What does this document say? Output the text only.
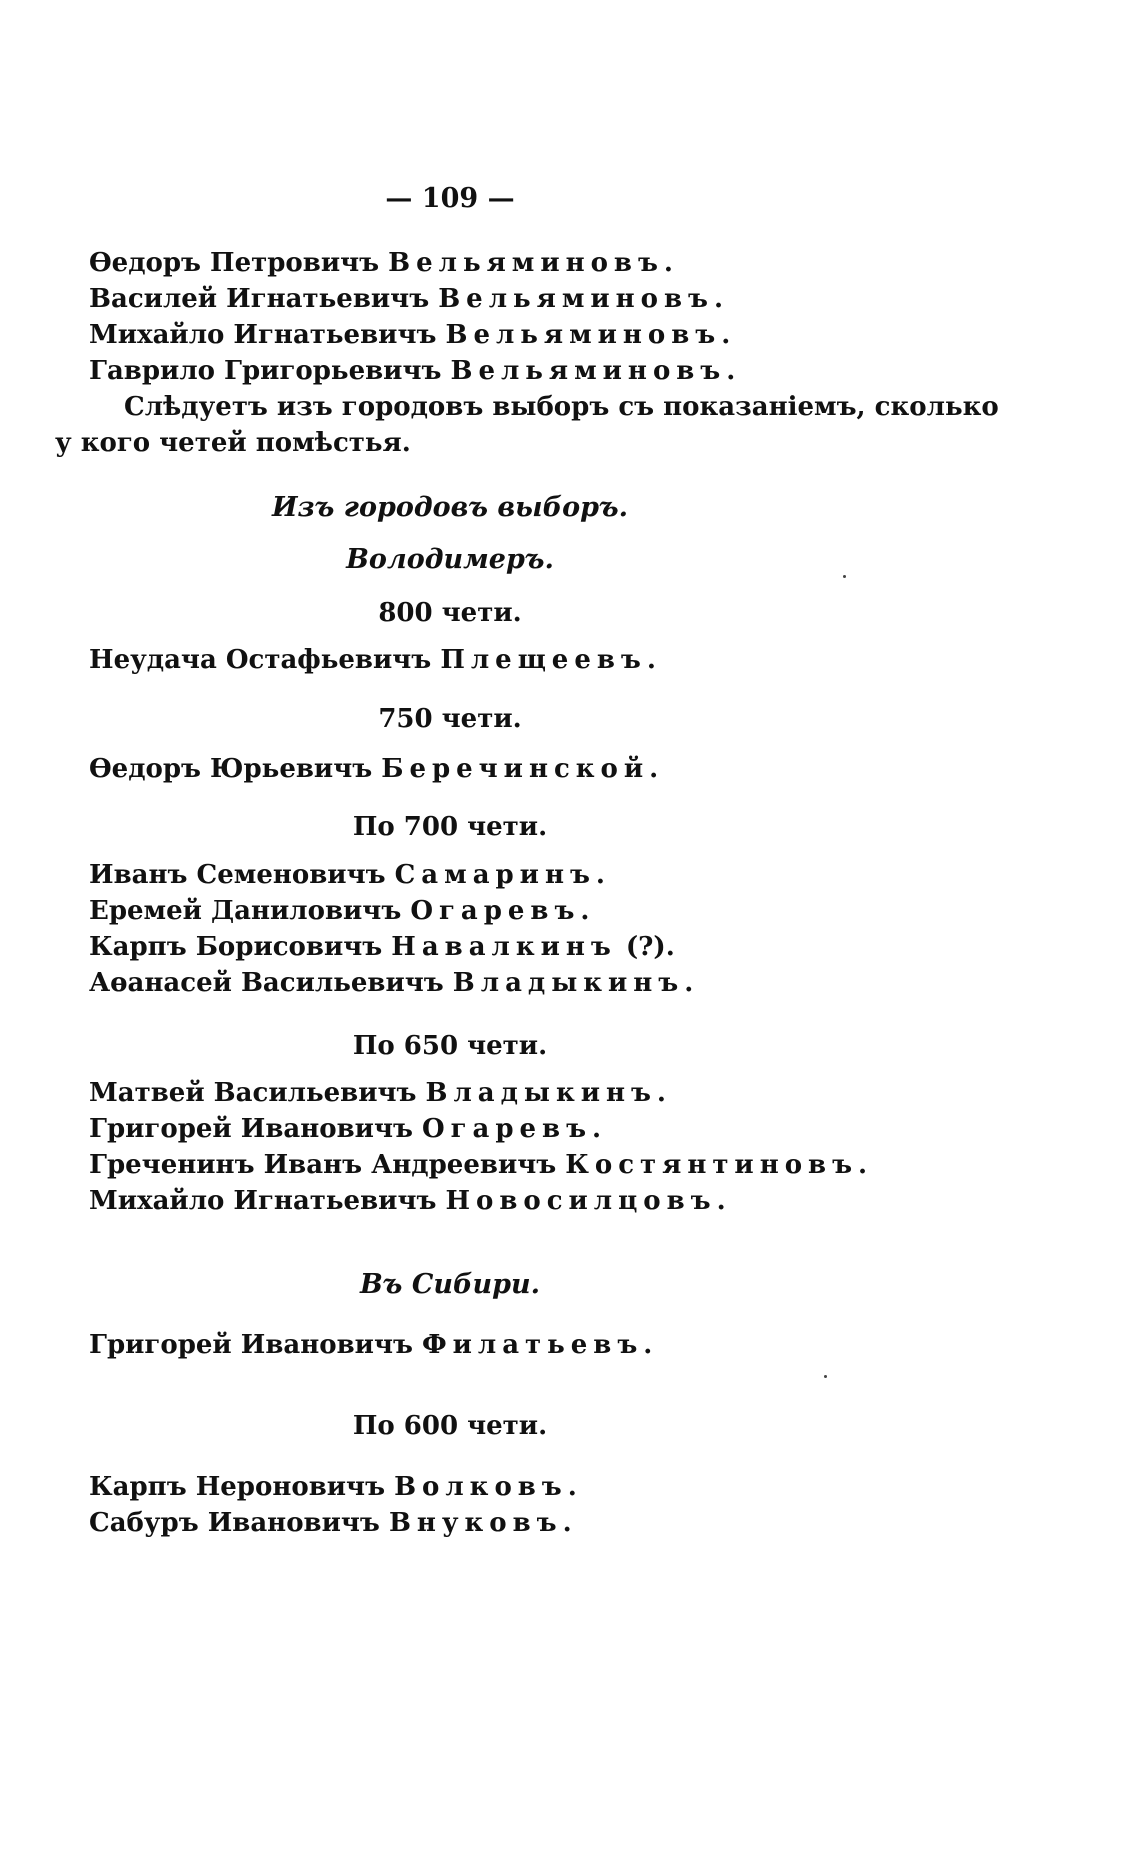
— 109 —
Өедоръ Петровичъ Вельяминовъ.
Василей Игнатьевичъ Вельяминовъ.
Михайло Игнатьевичъ Вельяминовъ.
Гаврило Григорьевичъ Вельяминовъ.
Слѣдуетъ изъ городовъ выборъ съ показаніемъ, сколько
у кого четей помѣстья.
Изъ городовъ выборъ.
Володимеръ.
800 чети.
Неудача Остафьевичъ Плещеевъ.
750 чети.
Өедоръ Юрьевичъ Беречинской.
По 700 чети.
Иванъ Семеновичъ Самаринъ.
Еремей Даниловичъ Огаревъ.
Карпъ Борисовичъ Навалкинъ (?).
Аөанасей Васильевичъ Владыкинъ.
По 650 чети.
Матвей Васильевичъ Владыкинъ.
Григорей Ивановичъ Огаревъ.
Греченинъ Иванъ Андреевичъ Костянтиновъ.
Михайло Игнатьевичъ Новосилцовъ.
Въ Сибири.
Григорей Ивановичъ Филатьевъ.
По 600 чети.
Карпъ Нероновичъ Волковъ.
Сабуръ Ивановичъ Внуковъ.
